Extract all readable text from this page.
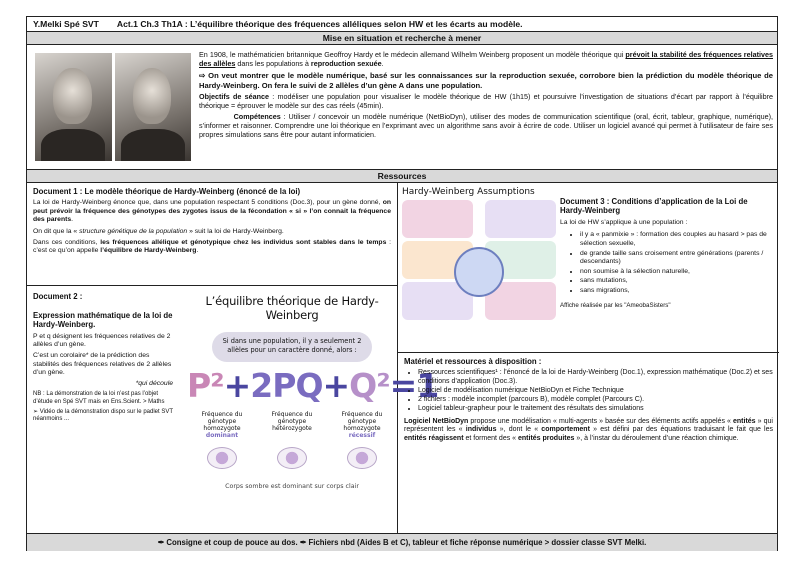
Y.Melki Spé SVT Act.1 Ch.3 Th1A : L’équilibre théorique des fréquences alléliques selon HW et les écarts au modèle.
Mise en situation et recherche à mener

En 1908, le mathématicien britannique Geoffroy Hardy et le médecin allemand Wilhelm Weinberg proposent un modèle théorique qui prévoit la stabilité des fréquences relatives des allèles dans les populations à reproduction sexuée.

⇨ On veut montrer que le modèle numérique, basé sur les connaissances sur la reproduction sexuée, corrobore bien la prédiction du modèle théorique de Hardy-Weinberg. On fera le suivi de 2 allèles d’un gène A dans une population.

Objectifs de séance : modéliser une population pour visualiser le modèle théorique de HW (1h15) et poursuivre l’investigation de situations d’écart par rapport à l’équilibre théorique = éprouver le modèle sur des cas réels (45min).

Compétences : Utiliser / concevoir un modèle numérique (NetBioDyn), utiliser des modes de communication scientifique (oral, écrit, tableur, graphique, numérique), s’informer et raisonner. Comprendre une loi théorique en l’exprimant avec un algorithme sans avoir à écrire de code. Utiliser un logiciel avancé qui permet à l’utilisateur de faire ses propres simulations sans être pour autant informaticien.

Ressources
Document 1 : Le modèle théorique de Hardy-Weinberg (énoncé de la loi)

La loi de Hardy-Weinberg énonce que, dans une population respectant 5 conditions (Doc.3), pour un gène donné, on peut prévoir la fréquence des génotypes des zygotes issus de la fécondation « si » l’on connait la fréquence des parents.

On dit que la « structure génétique de la population » suit la loi de Hardy-Weinberg.

Dans ces conditions, les fréquences allélique et génotypique chez les individus sont stables dans le temps : c’est ce qu’on appelle l’équilibre de Hardy-Weinberg.

Document 2 :

Expression mathématique de la loi de Hardy-Weinberg.

P et q désignent les fréquences relatives de 2 allèles d’un gène.

C’est un corolaire* de la prédiction des stabilités des fréquences relatives de 2 allèles d’un gène.

*qui découle

NB : La démonstration de la loi n’est pas l’objet d’étude en Spé SVT mais en Ens.Scient. > Maths

➢ Vidéo de la démonstration dispo sur le padlet SVT néanmoins ...

L’équilibre théorique de Hardy-Weinberg
Si dans une population, il y a seulement 2 allèles pour un caractère donné, alors :
P²+2PQ+Q²=1
Fréquence du génotype homozygote
dominant
Fréquence du génotype hétérozygote
Fréquence du génotype homozygote
récessif
Corps sombre est dominant sur corps clair
Hardy-Weinberg Assumptions
Document 3 : Conditions d’application de la Loi de Hardy-Weinberg

La loi de HW s’applique à une population :

• il y a « panmixie » : formation des couples au hasard > pas de sélection sexuelle,
• de grande taille sans croisement entre générations (parents / descendants)
• non soumise à la sélection naturelle,
• sans mutations,
• sans migrations,

Affiche réalisée par les "AmeobaSisters"

Matériel et ressources à disposition :
• Ressources scientifiques¹ : l’énoncé de la loi de Hardy-Weinberg (Doc.1), expression mathématique (Doc.2) et ses conditions d’application (Doc.3).
• Logiciel de modélisation numérique NetBioDyn et Fiche Technique
• 2 fichiers : modèle incomplet (parcours B), modèle complet (Parcours C).
• Logiciel tableur-grapheur pour le traitement des résultats des simulations

Logiciel NetBioDyn propose une modélisation « multi-agents » basée sur des éléments actifs appelés « entités » qui représentent les « individus », dont le « comportement » est défini par des équations traduisant le fait que les entités réagissent et forment des « entités produites », à l’instar du déroulement d’une réaction chimique.

✒ Consigne et coup de pouce au dos. ✒ Fichiers nbd (Aides B et C), tableur et fiche réponse numérique > dossier classe SVT Melki.
